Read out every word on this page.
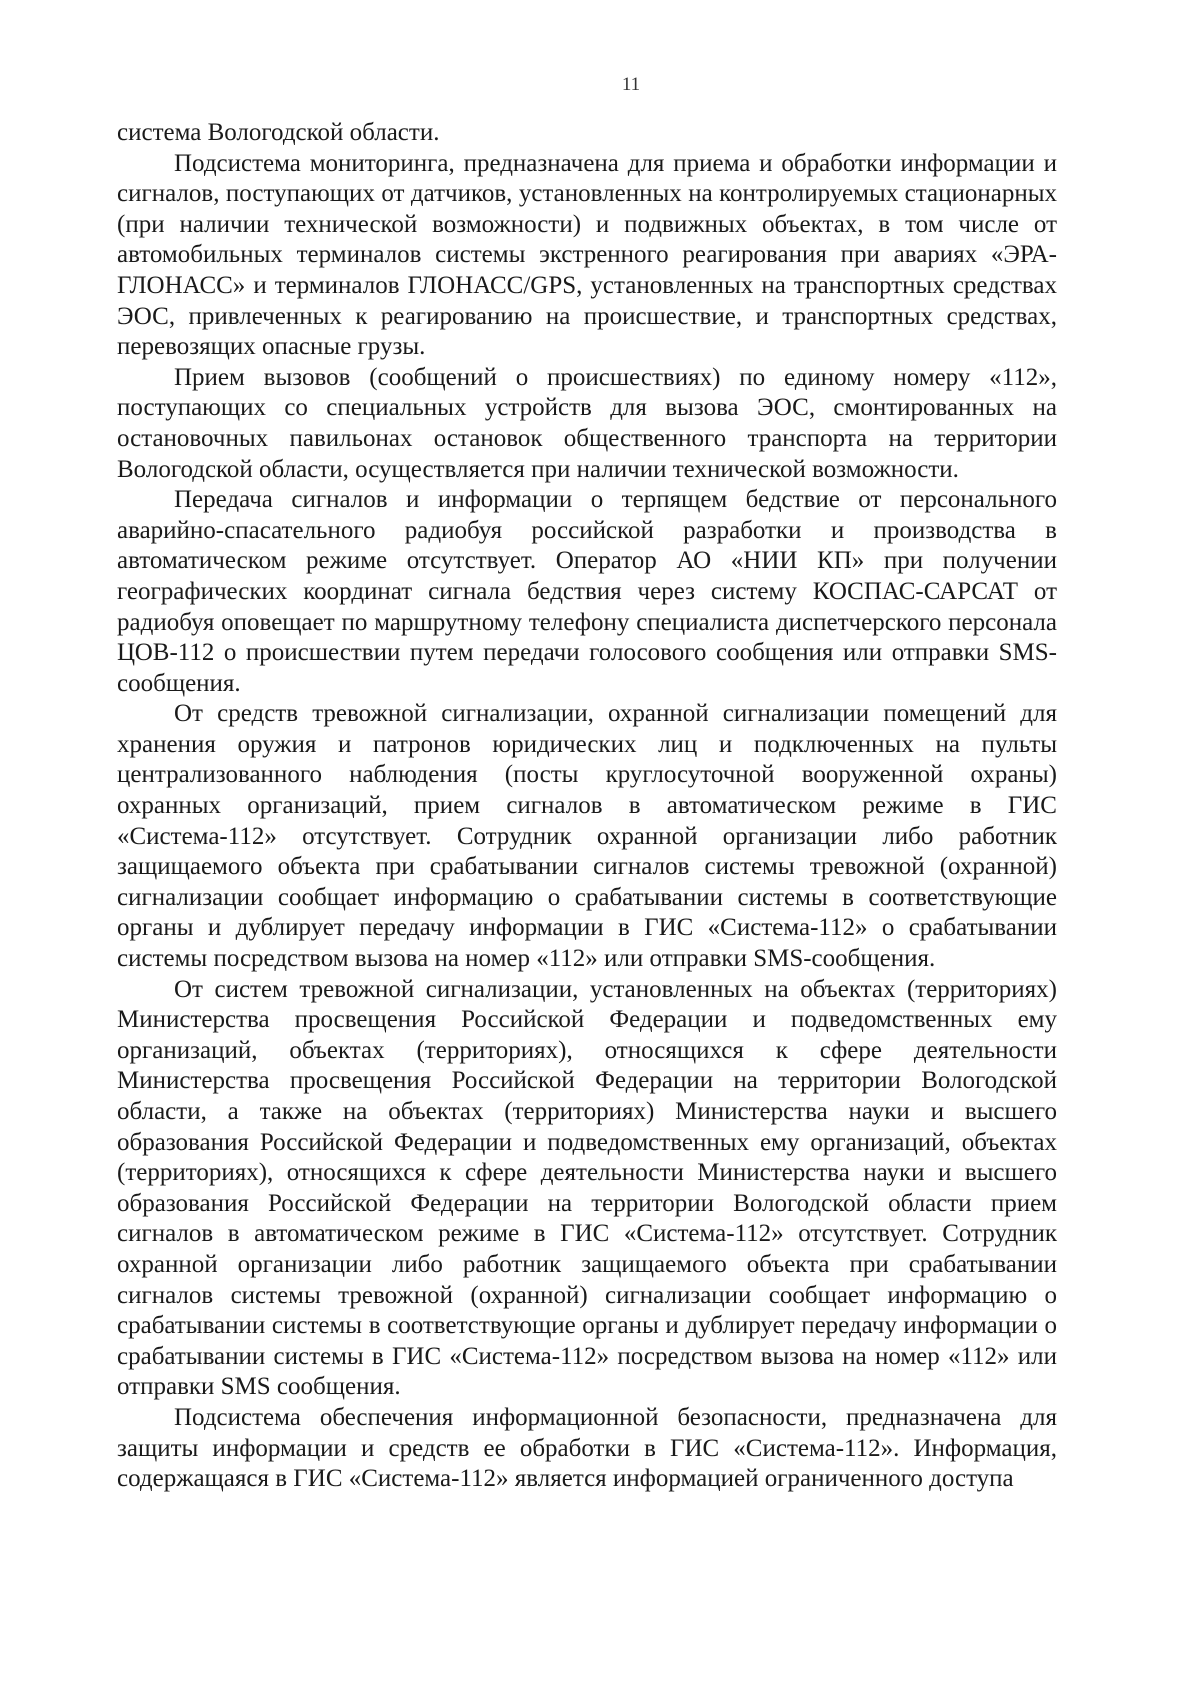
11

система Вологодской области.

Подсистема мониторинга, предназначена для приема и обработки информации и сигналов, поступающих от датчиков, установленных на контролируемых стационарных (при наличии технической возможности) и подвижных объектах, в том числе от автомобильных терминалов системы экстренного реагирования при авариях «ЭРА-ГЛОНАСС» и терминалов ГЛОНАСС/GPS, установленных на транспортных средствах ЭОС, привлеченных к реагированию на происшествие, и транспортных средствах, перевозящих опасные грузы.

Прием вызовов (сообщений о происшествиях) по единому номеру «112», поступающих со специальных устройств для вызова ЭОС, смонтированных на остановочных павильонах остановок общественного транспорта на территории Вологодской области, осуществляется при наличии технической возможности.

Передача сигналов и информации о терпящем бедствие от персонального аварийно-спасательного радиобуя российской разработки и производства в автоматическом режиме отсутствует. Оператор АО «НИИ КП» при получении географических координат сигнала бедствия через систему КОСПАС-САРСАТ от радиобуя оповещает по маршрутному телефону специалиста диспетчерского персонала ЦОВ-112 о происшествии путем передачи голосового сообщения или отправки SMS-сообщения.

От средств тревожной сигнализации, охранной сигнализации помещений для хранения оружия и патронов юридических лиц и подключенных на пульты централизованного наблюдения (посты круглосуточной вооруженной охраны) охранных организаций, прием сигналов в автоматическом режиме в ГИС «Система-112» отсутствует. Сотрудник охранной организации либо работник защищаемого объекта при срабатывании сигналов системы тревожной (охранной) сигнализации сообщает информацию о срабатывании системы в соответствующие органы и дублирует передачу информации в ГИС «Система-112» о срабатывании системы посредством вызова на номер «112» или отправки SMS-сообщения.

От систем тревожной сигнализации, установленных на объектах (территориях) Министерства просвещения Российской Федерации и подведомственных ему организаций, объектах (территориях), относящихся к сфере деятельности Министерства просвещения Российской Федерации на территории Вологодской области, а также на объектах (территориях) Министерства науки и высшего образования Российской Федерации и подведомственных ему организаций, объектах (территориях), относящихся к сфере деятельности Министерства науки и высшего образования Российской Федерации на территории Вологодской области прием сигналов в автоматическом режиме в ГИС «Система-112» отсутствует. Сотрудник охранной организации либо работник защищаемого объекта при срабатывании сигналов системы тревожной (охранной) сигнализации сообщает информацию о срабатывании системы в соответствующие органы и дублирует передачу информации о срабатывании системы в ГИС «Система-112» посредством вызова на номер «112» или отправки SMS сообщения.

Подсистема обеспечения информационной безопасности, предназначена для защиты информации и средств ее обработки в ГИС «Система-112». Информация, содержащаяся в ГИС «Система-112» является информацией ограниченного доступа
